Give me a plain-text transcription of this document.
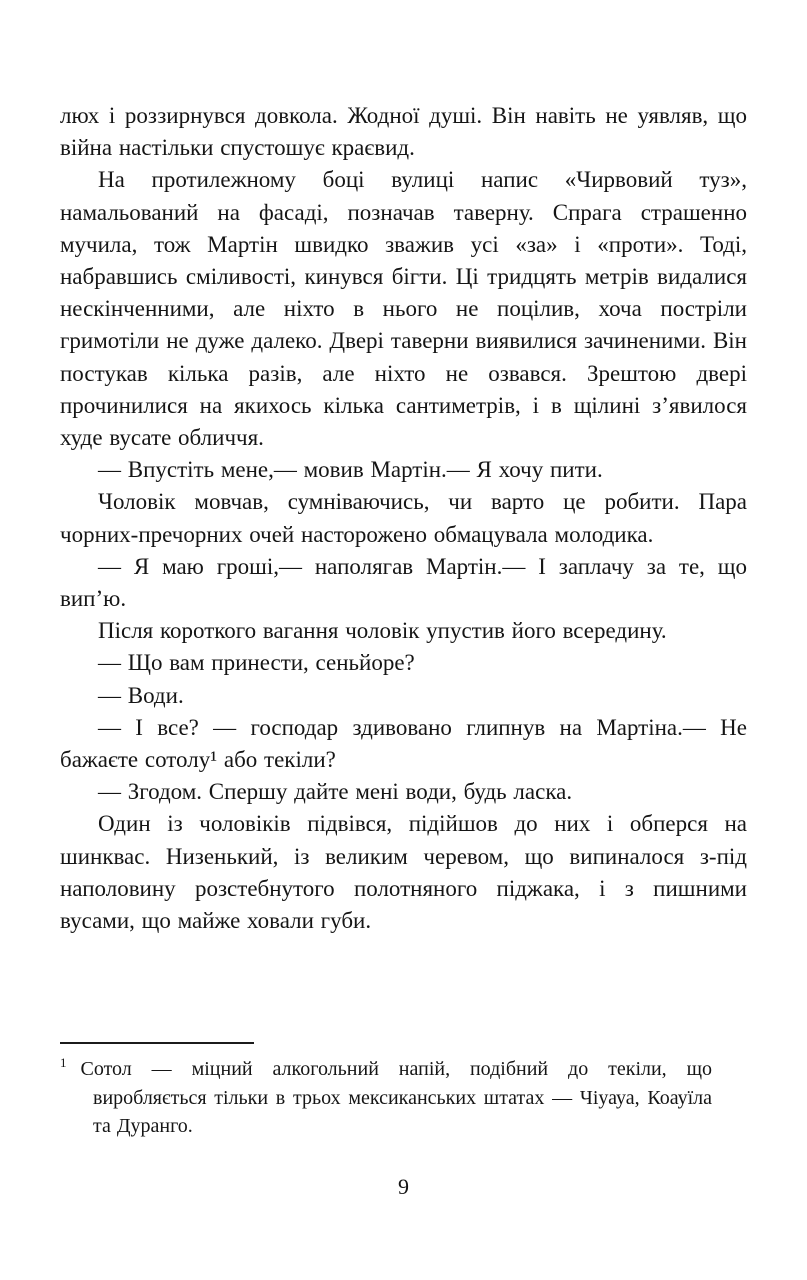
люх і роззирнувся довкола. Жодної душі. Він навіть не уявляв, що війна настільки спустошує краєвид.

На протилежному боці вулиці напис «Чирвовий туз», намальований на фасаді, позначав таверну. Спрага страшенно мучила, тож Мартін швидко зважив усі «за» і «проти». Тоді, набравшись сміливості, кинувся бігти. Ці тридцять метрів видалися нескінченними, але ніхто в нього не поцілив, хоча постріли гримотіли не дуже далеко. Двері таверни виявилися зачиненими. Він постукав кілька разів, але ніхто не озвався. Зрештою двері прочинилися на якихось кілька сантиметрів, і в щілині з’явилося худе вусате обличчя.

— Впустіть мене,— мовив Мартін.— Я хочу пити.

Чоловік мовчав, сумніваючись, чи варто це робити. Пара чорних-пречорних очей насторожено обмацувала молодика.

— Я маю гроші,— наполягав Мартін.— І заплачу за те, що вип’ю.

Після короткого вагання чоловік упустив його всередину.

— Що вам принести, сеньйоре?

— Води.

— І все? — господар здивовано глипнув на Мартіна.— Не бажаєте сотолу¹ або текіли?

— Згодом. Спершу дайте мені води, будь ласка.

Один із чоловіків підвівся, підійшов до них і обперся на шинквас. Низенький, із великим черевом, що випиналося з-під наполовину розстебнутого полотняного піджака, і з пишними вусами, що майже ховали губи.

$^1$ Сотол — міцний алкогольний напій, подібний до текіли, що виробляється тільки в трьох мексиканських штатах — Чіуауа, Коауїла та Дуранго.

9
